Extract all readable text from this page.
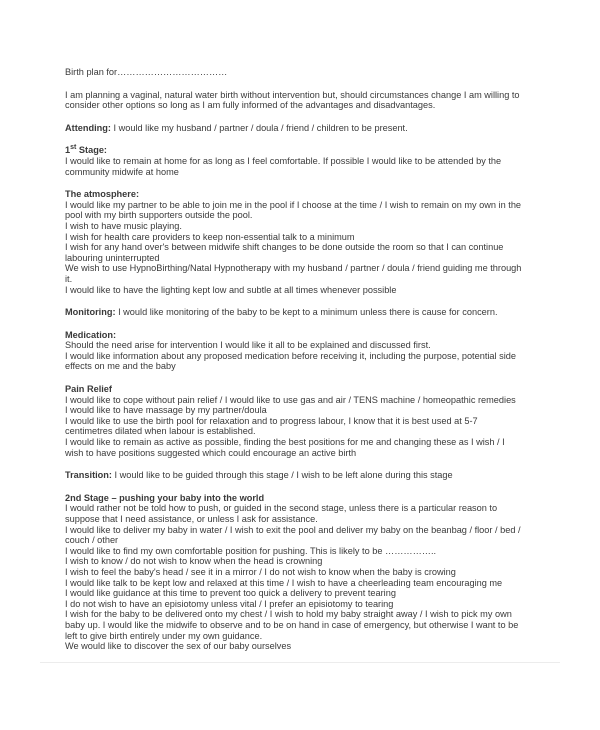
Birth plan for………………………………

I am planning a vaginal, natural water birth without intervention but, should circumstances change I am willing to consider other options so long as I am fully informed of the advantages and disadvantages.

Attending: I would like my husband / partner / doula / friend / children to be present.

1st Stage:

I would like to remain at home for as long as I feel comfortable. If possible I would like to be attended by the community midwife at home

The atmosphere:

I would like my partner to be able to join me in the pool if I choose at the time / I wish to remain on my own in the pool with my birth supporters outside the pool.

I wish to have music playing.

I wish for health care providers to keep non-essential talk to a minimum

I wish for any hand over's between midwife shift changes to be done outside the room so that I can continue labouring uninterrupted

We wish to use HypnoBirthing/Natal Hypnotherapy with my husband / partner / doula / friend guiding me through it.

I would like to have the lighting kept low and subtle at all times whenever possible

Monitoring: I would like monitoring of the baby to be kept to a minimum unless there is cause for concern.

Medication:

Should the need arise for intervention I would like it all to be explained and discussed first.

I would like information about any proposed medication before receiving it, including the purpose, potential side effects on me and the baby

Pain Relief

I would like to cope without pain relief / I would like to use gas and air / TENS machine / homeopathic remedies

I would like to have massage by my partner/doula

I would like to use the birth pool for relaxation and to progress labour, I know that it is best used at 5-7 centimetres dilated when labour is established.

I would like to remain as active as possible, finding the best positions for me and changing these as I wish / I wish to have positions suggested which could encourage an active birth

Transition: I would like to be guided through this stage / I wish to be left alone during this stage

2nd Stage – pushing your baby into the world

I would rather not be told how to push, or guided in the second stage, unless there is a particular reason to suppose that I need assistance, or unless I ask for assistance.

I would like to deliver my baby in water / I wish to exit the pool and deliver my baby on the beanbag / floor / bed / couch / other

I would like to find my own comfortable position for pushing. This is likely to be ……………..

I wish to know / do not wish to know when the head is crowning

I wish to feel the baby's head / see it in a mirror / I do not wish to know when the baby is crowing

I would like talk to be kept low and relaxed at this time / I wish to have a cheerleading team encouraging me

I would like guidance at this time to prevent too quick a delivery to prevent tearing

I do not wish to have an episiotomy unless vital / I prefer an episiotomy to tearing

I wish for the baby to be delivered onto my chest / I wish to hold my baby straight away / I wish to pick my own baby up. I would like the midwife to observe and to be on hand in case of emergency, but otherwise I want to be left to give birth entirely under my own guidance.

We would like to discover the sex of our baby ourselves
